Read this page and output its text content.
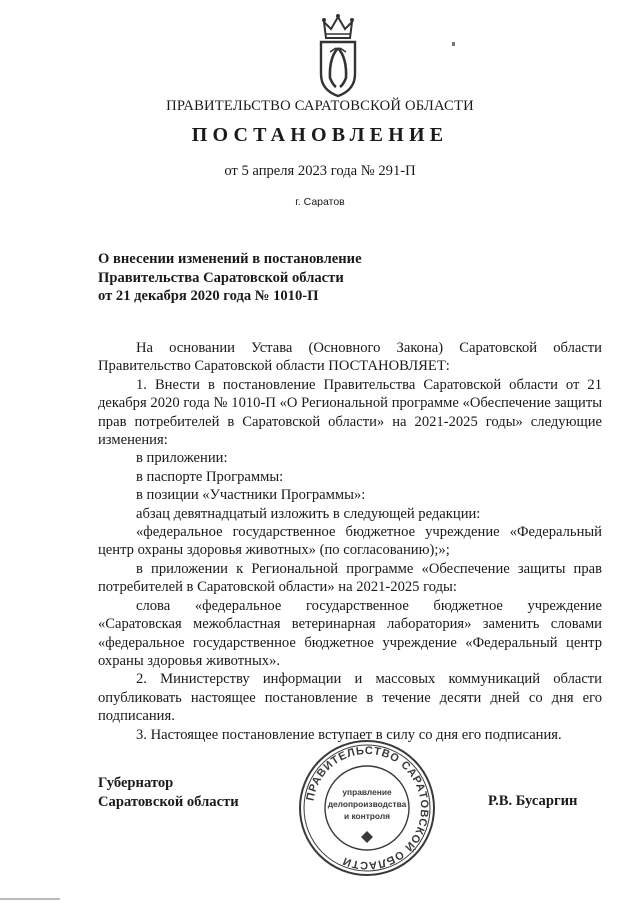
ПРАВИТЕЛЬСТВО САРАТОВСКОЙ ОБЛАСТИ
ПОСТАНОВЛЕНИЕ
от 5 апреля 2023 года № 291-П
г. Саратов
О внесении изменений в постановление
Правительства Саратовской области
от 21 декабря 2020 года № 1010-П

На основании Устава (Основного Закона) Саратовской области Правительство Саратовской области ПОСТАНОВЛЯЕТ:

1. Внести в постановление Правительства Саратовской области от 21 декабря 2020 года № 1010-П «О Региональной программе «Обеспечение защиты прав потребителей в Саратовской области» на 2021-2025 годы» следующие изменения:

в приложении:

в паспорте Программы:

в позиции «Участники Программы»:

абзац девятнадцатый изложить в следующей редакции:

«федеральное государственное бюджетное учреждение «Федеральный центр охраны здоровья животных» (по согласованию);»;

в приложении к Региональной программе «Обеспечение защиты прав потребителей в Саратовской области» на 2021-2025 годы:

слова «федеральное государственное бюджетное учреждение «Саратовская межобластная ветеринарная лаборатория» заменить словами «федеральное государственное бюджетное учреждение «Федеральный центр охраны здоровья животных».

2. Министерству информации и массовых коммуникаций области опубликовать настоящее постановление в течение десяти дней со дня его подписания.

3. Настоящее постановление вступает в силу со дня его подписания.

Губернатор
Саратовской области	Р.В. Бусаргин
ПРАВИТЕЛЬСТВО САРАТОВСКОЙ ОБЛАСТИ
управление
делопроизводства
и контроля
